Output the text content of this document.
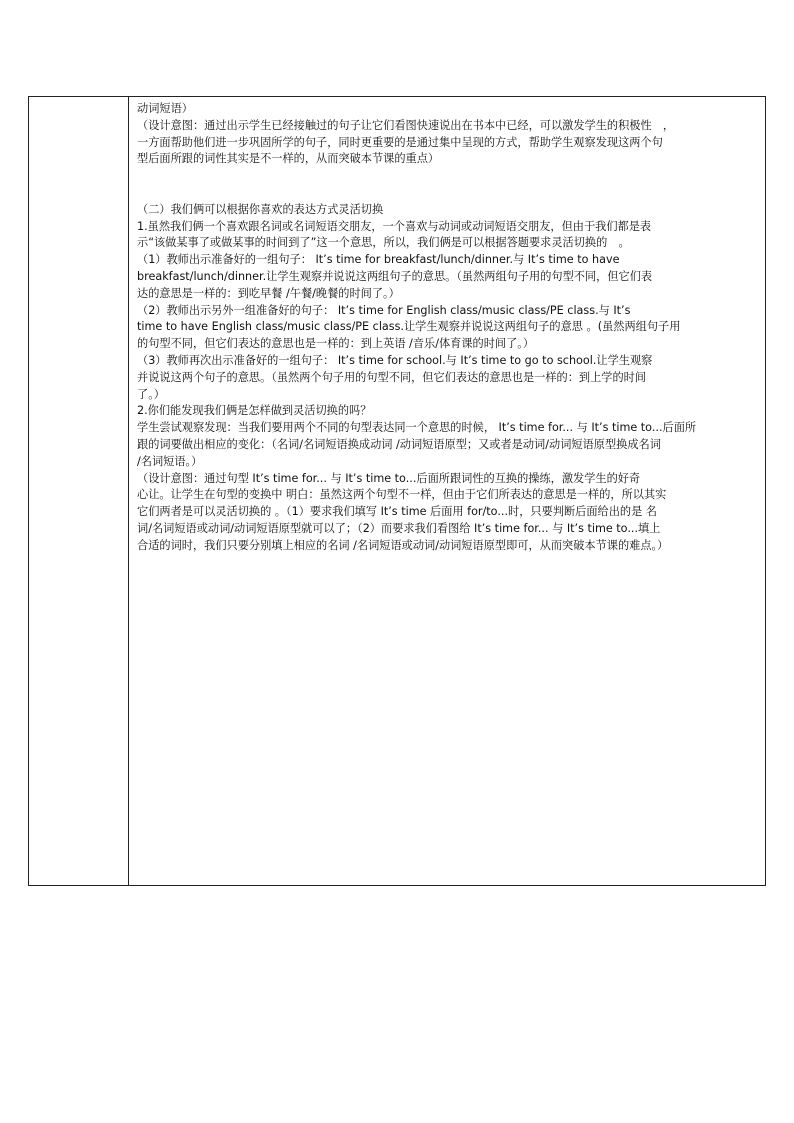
动词短语）
（设计意图：通过出示学生已经接触过的句子让它们看图快速说出在书本中已经，可以激发学生的积极性　，
一方面帮助他们进一步巩固所学的句子，同时更重要的是通过集中呈现的方式，帮助学生观察发现这两个句
型后面所跟的词性其实是不一样的，从而突破本节课的重点）
（二）我们俩可以根据你喜欢的表达方式灵活切换
1.虽然我们俩一个喜欢跟名词或名词短语交朋友，一个喜欢与动词或动词短语交朋友，但由于我们都是表
示“该做某事了或做某事的时间到了”这一个意思，所以，我们俩是可以根据答题要求灵活切换的　。
（1）教师出示准备好的一组句子： It’s time for breakfast/lunch/dinner.与 It’s time to have
breakfast/lunch/dinner.让学生观察并说说这两组句子的意思。（虽然两组句子用的句型不同，但它们表
达的意思是一样的：到吃早餐 /午餐/晚餐的时间了。）
（2）教师出示另外一组准备好的句子： It’s time for English class/music class/PE class.与 It’s
time to have English class/music class/PE class.让学生观察并说说这两组句子的意思 。(虽然两组句子用
的句型不同，但它们表达的意思也是一样的：到上英语 /音乐/体育课的时间了。）
（3）教师再次出示准备好的一组句子： It’s time for school.与 It’s time to go to school.让学生观察
并说说这两个句子的意思。（虽然两个句子用的句型不同，但它们表达的意思也是一样的：到上学的时间
了。）
2.你们能发现我们俩是怎样做到灵活切换的吗？
学生尝试观察发现：当我们要用两个不同的句型表达同一个意思的时候， It’s time for... 与 It’s time to...后面所
跟的词要做出相应的变化：（名词/名词短语换成动词 /动词短语原型；又或者是动词/动词短语原型换成名词
/名词短语。）
（设计意图：通过句型 It’s time for... 与 It’s time to...后面所跟词性的互换的操练，激发学生的好奇
心让。让学生在句型的变换中 明白：虽然这两个句型不一样，但由于它们所表达的意思是一样的，所以其实
它们两者是可以灵活切换的 。（1）要求我们填写 It’s time 后面用 for/to...时，只要判断后面给出的是 名
词/名词短语或动词/动词短语原型就可以了；（2）而要求我们看图给 It’s time for... 与 It’s time to...填上
合适的词时，我们只要分别填上相应的名词 /名词短语或动词/动词短语原型即可，从而突破本节课的难点。）
